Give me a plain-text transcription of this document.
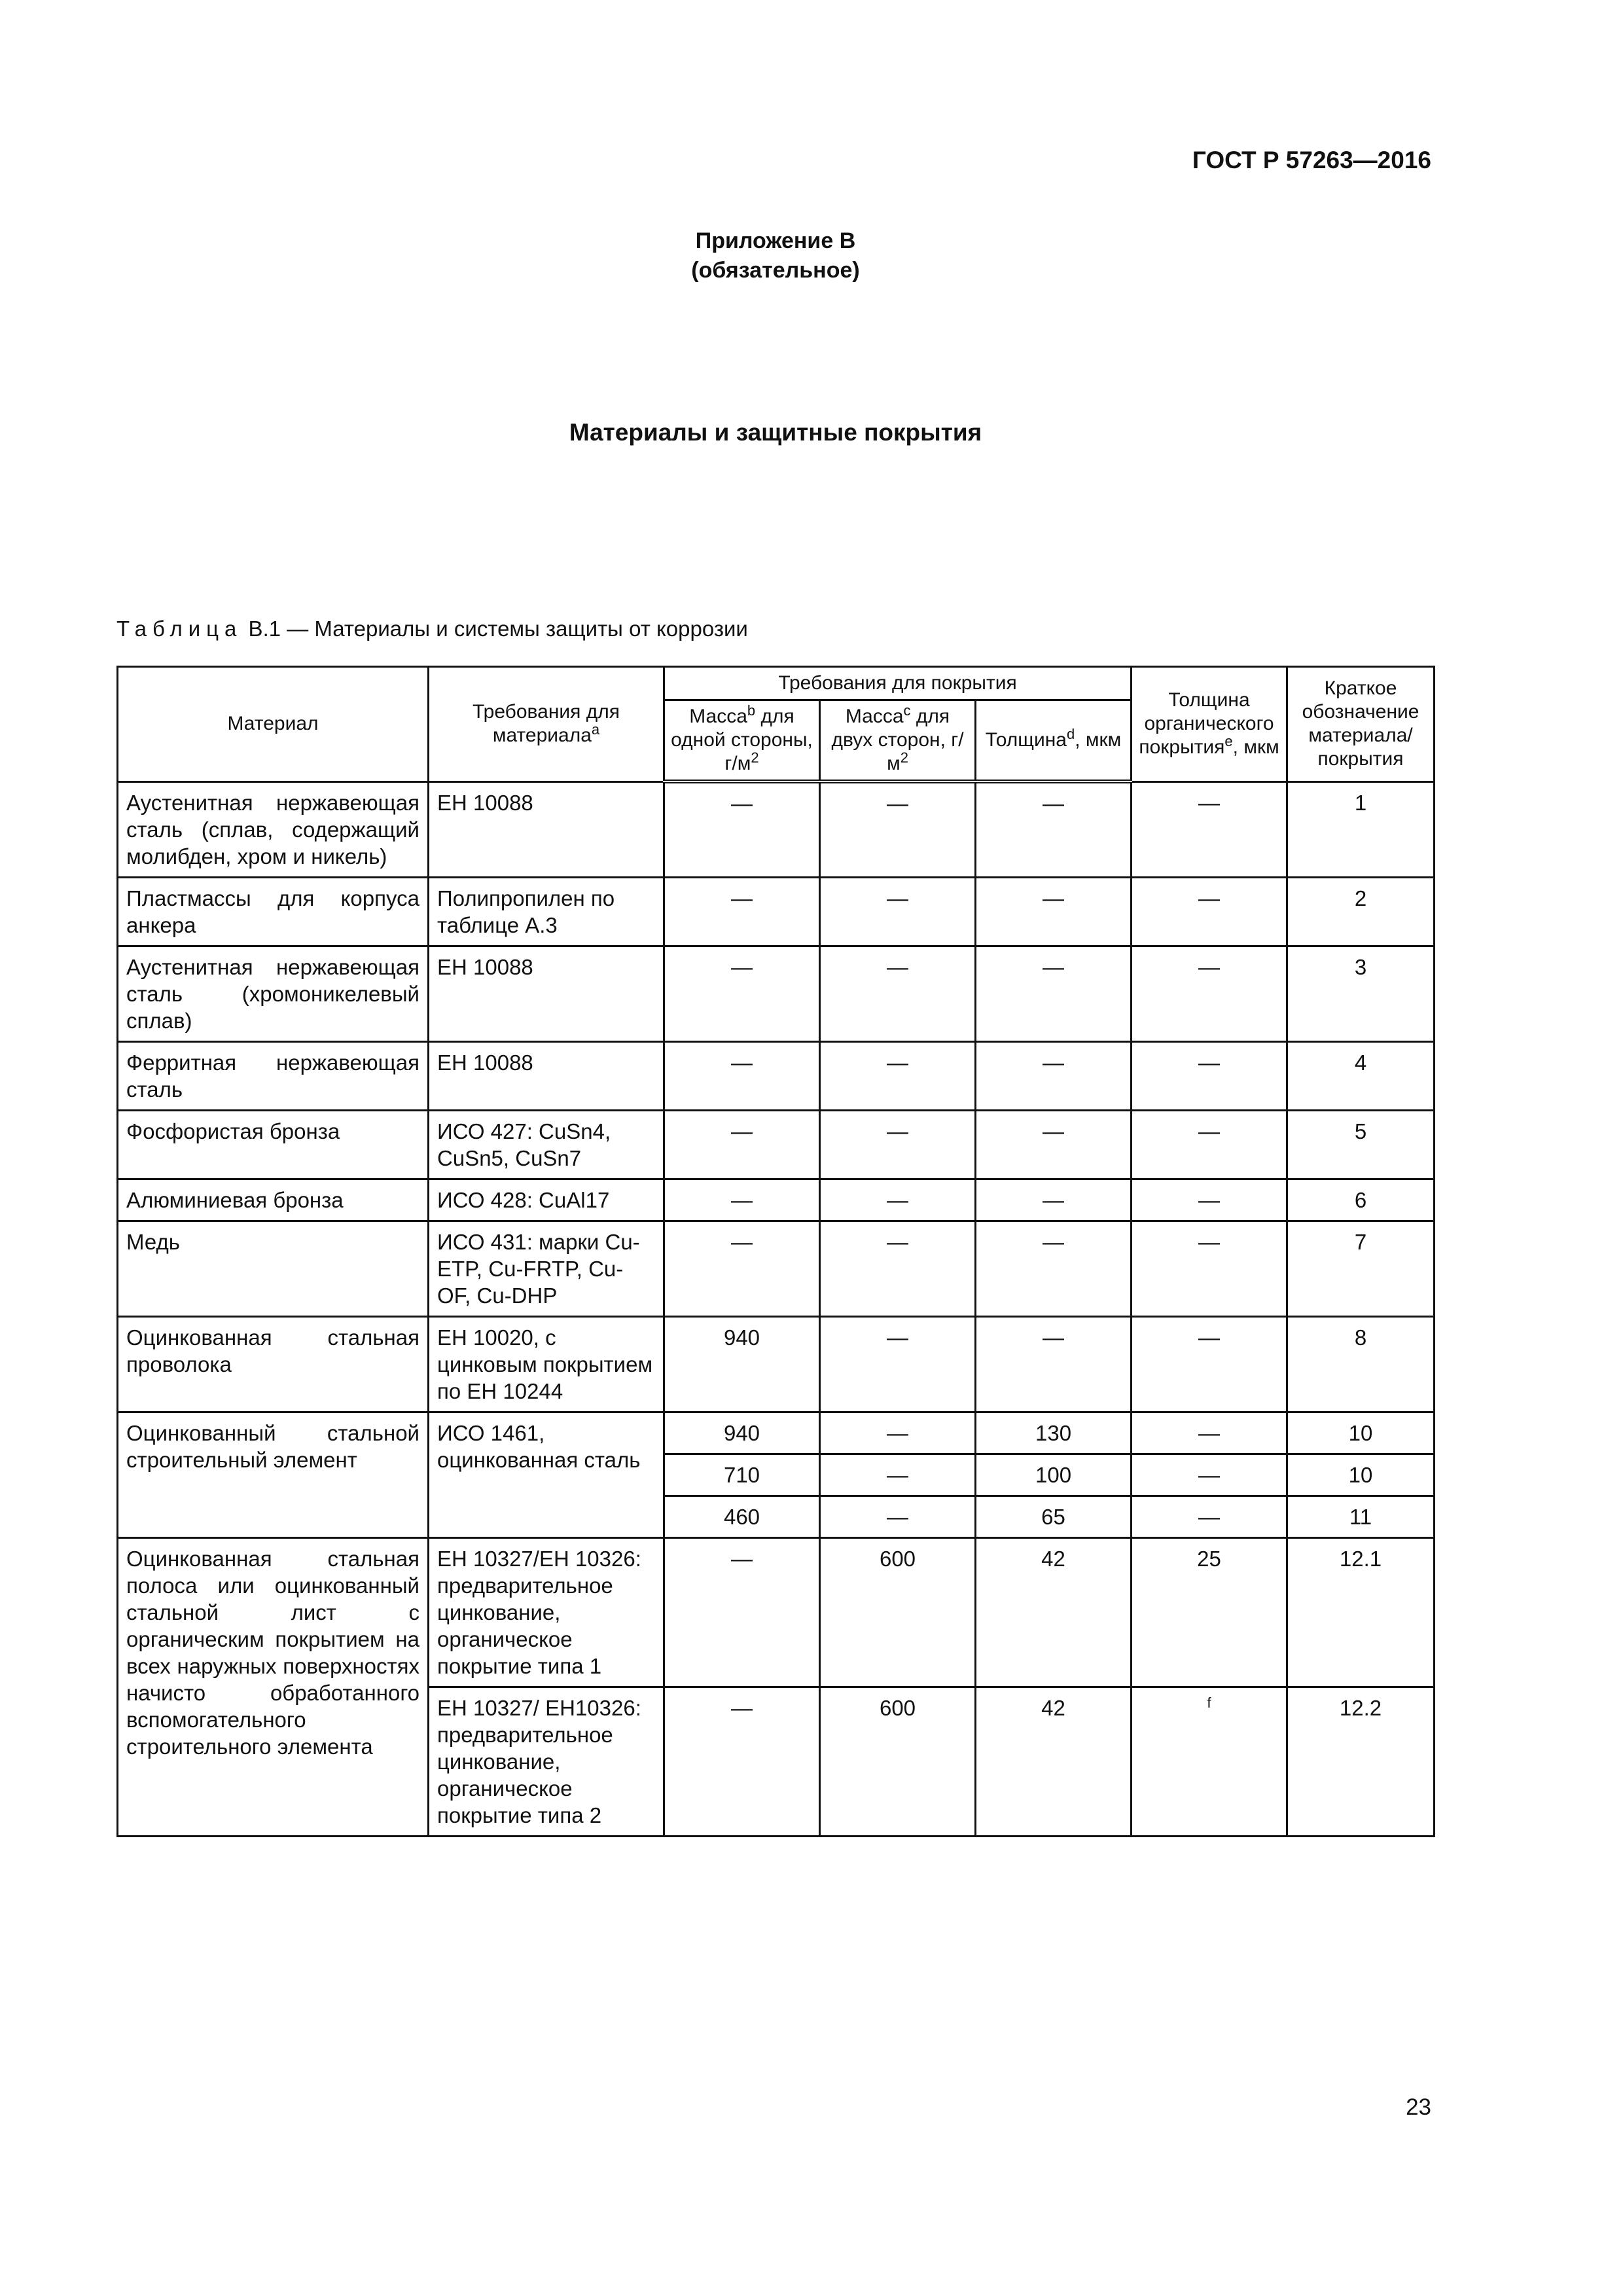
ГОСТ Р 57263—2016
Приложение В
(обязательное)
Материалы и защитные покрытия
Таблица В.1 — Материалы и системы защиты от коррозии
Материал	Требования для материала$^a$	Требования для покрытия			Толщина органического покрытия$^e$, мкм	Краткое обозначение материала/ покрытия
		Масса$^b$ для одной стороны, $г/м^2$	Масса$^c$ для двух сторон, $г/м^2$	Толщина$^d$, мкм		
Аустенитная нержавеющая сталь (сплав, содержащий молибден, хром и никель)	ЕН 10088	—	—	—	—	1
Пластмассы для корпуса анкера	Полипропилен по таблице А.3	—	—	—	—	2
Аустенитная нержавеющая сталь (хромоникелевый сплав)	ЕН 10088	—	—	—	—	3
Ферритная нержавеющая сталь	ЕН 10088	—	—	—	—	4
Фосфористая бронза	ИСО 427: CuSn4, CuSn5, CuSn7	—	—	—	—	5
Алюминиевая бронза	ИСО 428: CuAl17	—	—	—	—	6
Медь	ИСО 431: марки Cu-ETP, Cu-FRTP, Cu-OF, Cu-DHP	—	—	—	—	7
Оцинкованная стальная проволока	ЕН 10020, с цинковым покрытием по ЕН 10244	940	—	—	—	8
Оцинкованный стальной строительный элемент	ИСО 1461, оцинкованная сталь	940	—	130	—	10
		710	—	100	—	10
		460	—	65	—	11
Оцинкованная стальная полоса или оцинкованный стальной лист с органическим покрытием на всех наружных поверхностях начисто обработанного вспомогательного строительного элемента	ЕН 10327/ЕН 10326: предварительное цинкование, органическое покрытие типа 1	—	600	42	25	12.1
	ЕН 10327/ ЕН10326: предварительное цинкование, органическое покрытие типа 2	—	600	42	$^f$	12.2
23
